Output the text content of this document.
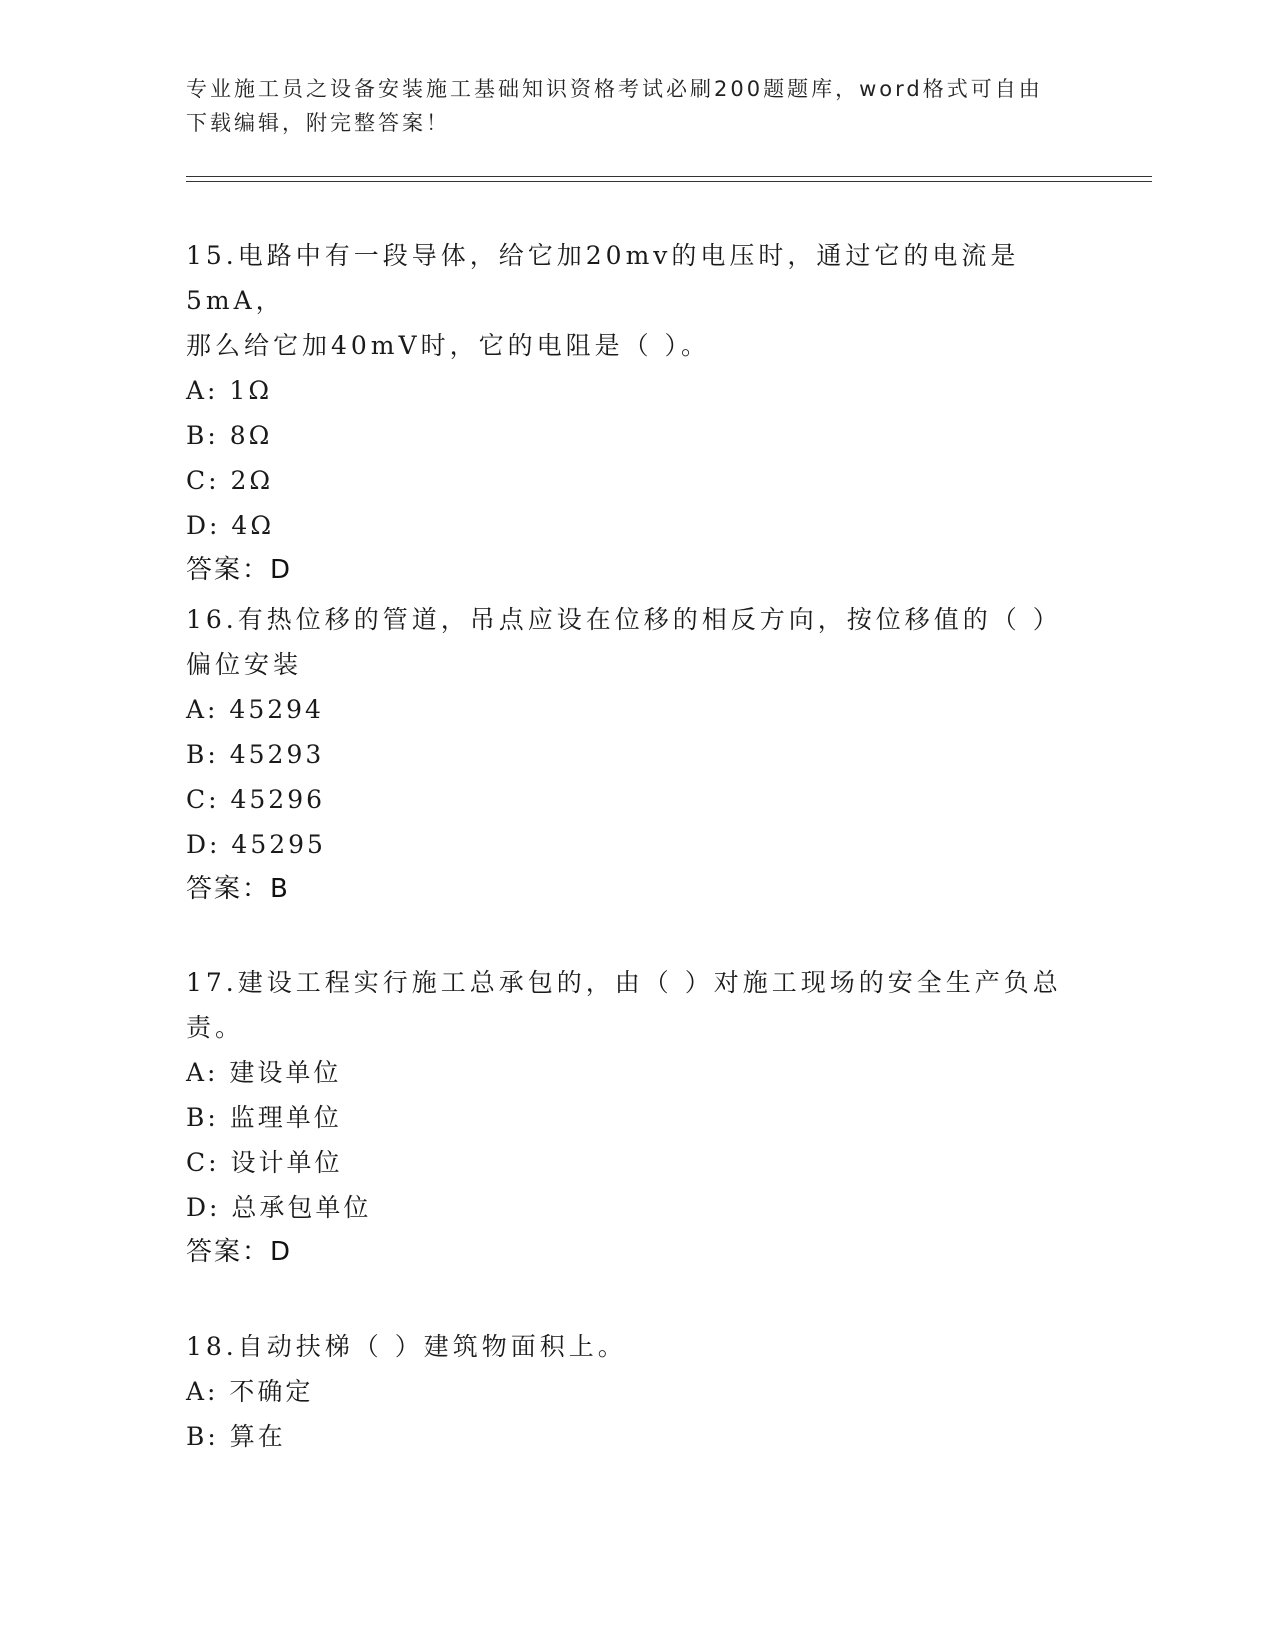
专业施工员之设备安装施工基础知识资格考试必刷200题题库，word格式可自由
下载编辑，附完整答案！

15.电路中有一段导体，给它加20mv的电压时，通过它的电流是5mA，

那么给它加40mV时，它的电阻是（ ）。

A: 1Ω

B: 8Ω

C: 2Ω

D: 4Ω

答案：D

16.有热位移的管道，吊点应设在位移的相反方向，按位移值的（ ）

偏位安装

A: 45294

B: 45293

C: 45296

D: 45295

答案：B

17.建设工程实行施工总承包的，由（ ）对施工现场的安全生产负总

责。

A: 建设单位

B: 监理单位

C: 设计单位

D: 总承包单位

答案：D

18.自动扶梯（ ）建筑物面积上。

A: 不确定

B: 算在
